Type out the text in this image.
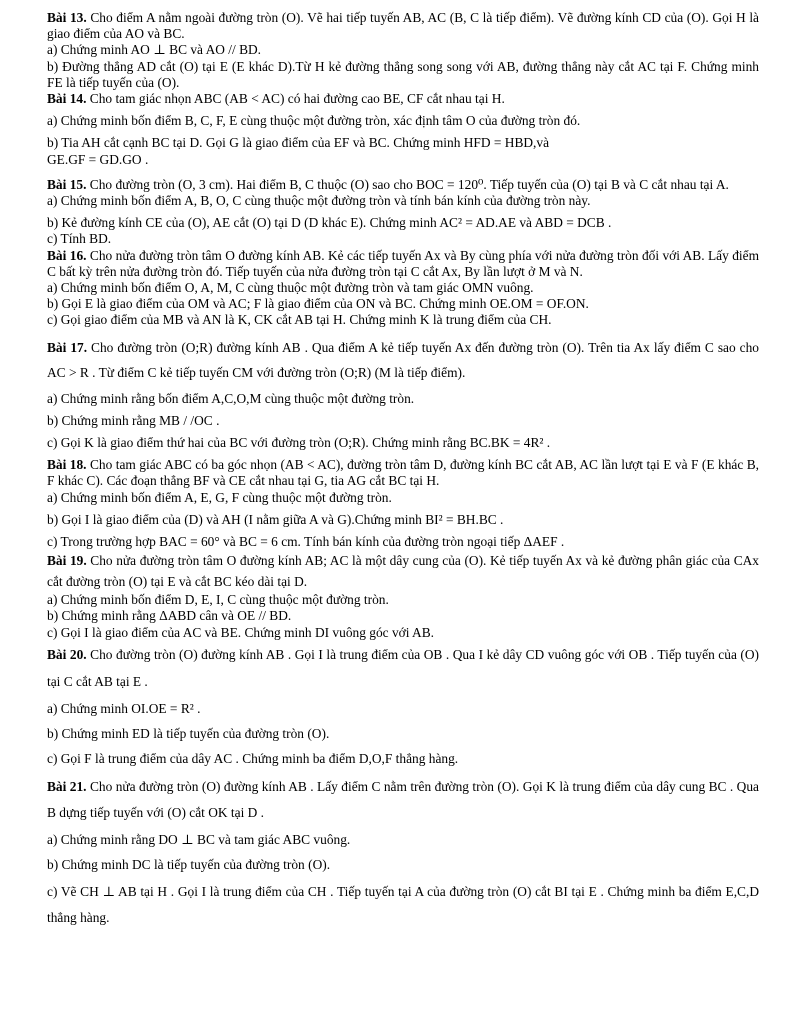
Bài 13. Cho điểm A nằm ngoài đường tròn (O). Vẽ hai tiếp tuyến AB, AC (B, C là tiếp điểm). Vẽ đường kính CD của (O). Gọi H là giao điểm của AO và BC.

a) Chứng minh AO ⊥ BC và AO // BD.

b) Đường thẳng AD cắt (O) tại E (E khác D).Từ H kẻ đường thẳng song song với AB, đường thẳng này cắt AC tại F. Chứng minh FE là tiếp tuyến của (O).

Bài 14. Cho tam giác nhọn ABC (AB < AC) có hai đường cao BE, CF cắt nhau tại H.

a) Chứng minh bốn điểm B, C, F, E cùng thuộc một đường tròn, xác định tâm O của đường tròn đó.

b) Tia AH cắt cạnh BC tại D. Gọi G là giao điểm của EF và BC. Chứng minh HFD = HBD,và

GE.GF = GD.GO .

Bài 15. Cho đường tròn (O, 3 cm). Hai điểm B, C thuộc (O) sao cho BOC = 120⁰. Tiếp tuyến của (O) tại B và C cắt nhau tại A.

a) Chứng minh bốn điểm A, B, O, C cùng thuộc một đường tròn và tính bán kính của đường tròn này.

b) Kẻ đường kính CE của (O), AE cắt (O) tại D (D khác E). Chứng minh AC² = AD.AE và ABD = DCB .

c) Tính BD.

Bài 16. Cho nửa đường tròn tâm O đường kính AB. Kẻ các tiếp tuyến Ax và By cùng phía với nửa đường tròn đối với AB. Lấy điểm C bất kỳ trên nửa đường tròn đó. Tiếp tuyến của nửa đường tròn tại C cắt Ax, By lần lượt ở M và N.

a) Chứng minh bốn điểm O, A, M, C cùng thuộc một đường tròn và tam giác OMN vuông.

b) Gọi E là giao điểm của OM và AC; F là giao điểm của ON và BC. Chứng minh OE.OM = OF.ON.

c) Gọi giao điểm của MB và AN là K, CK cắt AB tại H. Chứng minh K là trung điểm của CH.

Bài 17. Cho đường tròn (O;R) đường kính AB . Qua điểm A kẻ tiếp tuyến Ax đến đường tròn (O). Trên tia Ax lấy điểm C sao cho AC > R . Từ điểm C kẻ tiếp tuyến CM với đường tròn (O;R) (M là tiếp điểm).

a) Chứng minh rằng bốn điểm A,C,O,M cùng thuộc một đường tròn.

b) Chứng minh rằng MB / /OC .

c) Gọi K là giao điểm thứ hai của BC với đường tròn (O;R). Chứng minh rằng BC.BK = 4R² .

Bài 18. Cho tam giác ABC có ba góc nhọn (AB < AC), đường tròn tâm D, đường kính BC cắt AB, AC lần lượt tại E và F (E khác B, F khác C). Các đoạn thẳng BF và CE cắt nhau tại G, tia AG cắt BC tại H.

a) Chứng minh bốn điểm A, E, G, F cùng thuộc một đường tròn.

b) Gọi I là giao điểm của (D) và AH (I nằm giữa A và G).Chứng minh BI² = BH.BC .

c) Trong trường hợp BAC = 60° và BC = 6 cm. Tính bán kính của đường tròn ngoại tiếp ΔAEF .

Bài 19. Cho nửa đường tròn tâm O đường kính AB; AC là một dây cung của (O). Kẻ tiếp tuyến Ax và kẻ đường phân giác của CAx cắt đường tròn (O) tại E và cắt BC kéo dài tại D.

a) Chứng minh bốn điểm D, E, I, C cùng thuộc một đường tròn.

b) Chứng minh rằng ΔABD cân và OE // BD.

c) Gọi I là giao điểm của AC và BE. Chứng minh DI vuông góc với AB.

Bài 20. Cho đường tròn (O) đường kính AB . Gọi I là trung điểm của OB . Qua I kẻ dây CD vuông góc với OB . Tiếp tuyến của (O) tại C cắt AB tại E .

a) Chứng minh OI.OE = R² .

b) Chứng minh ED là tiếp tuyến của đường tròn (O).

c) Gọi F là trung điểm của dây AC . Chứng minh ba điểm D,O,F thẳng hàng.

Bài 21. Cho nửa đường tròn (O) đường kính AB . Lấy điểm C nằm trên đường tròn (O). Gọi K là trung điểm của dây cung BC . Qua B dựng tiếp tuyến với (O) cắt OK tại D .

a) Chứng minh rằng DO ⊥ BC và tam giác ABC vuông.

b) Chứng minh DC là tiếp tuyến của đường tròn (O).

c) Vẽ CH ⊥ AB tại H . Gọi I là trung điểm của CH . Tiếp tuyến tại A của đường tròn (O) cắt BI tại E . Chứng minh ba điểm E,C,D thẳng hàng.
